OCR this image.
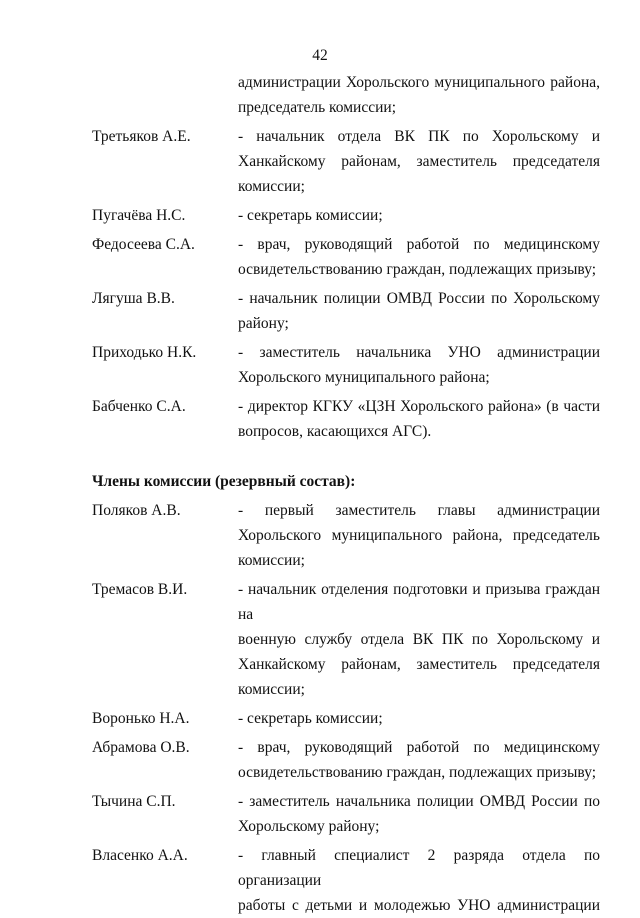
42
администрации Хорольского муниципального района,
председатель комиссии;
Третьяков А.Е.	- начальник отдела ВК ПК по Хорольскому и
Ханкайскому районам, заместитель председателя
комиссии;
Пугачёва Н.С.	- секретарь комиссии;
Федосеева С.А.	- врач, руководящий работой по медицинскому
освидетельствованию граждан, подлежащих призыву;
Лягуша В.В.	- начальник полиции ОМВД России по Хорольскому
району;
Приходько Н.К.	- заместитель начальника УНО администрации
Хорольского муниципального района;
Бабченко С.А.	- директор КГКУ «ЦЗН Хорольского района» (в части
вопросов, касающихся АГС).
Члены комиссии (резервный состав):
Поляков А.В.	- первый заместитель главы администрации
Хорольского муниципального района, председатель
комиссии;
Тремасов В.И.	- начальник отделения подготовки и призыва граждан на
военную службу отдела ВК ПК по Хорольскому и
Ханкайскому районам, заместитель председателя
комиссии;
Воронько Н.А.	- секретарь комиссии;
Абрамова О.В.	- врач, руководящий работой по медицинскому
освидетельствованию граждан, подлежащих призыву;
Тычина С.П.	- заместитель начальника полиции ОМВД России по
Хорольскому району;
Власенко А.А.	- главный специалист 2 разряда отдела по организации
работы с детьми и молодежью УНО администрации
